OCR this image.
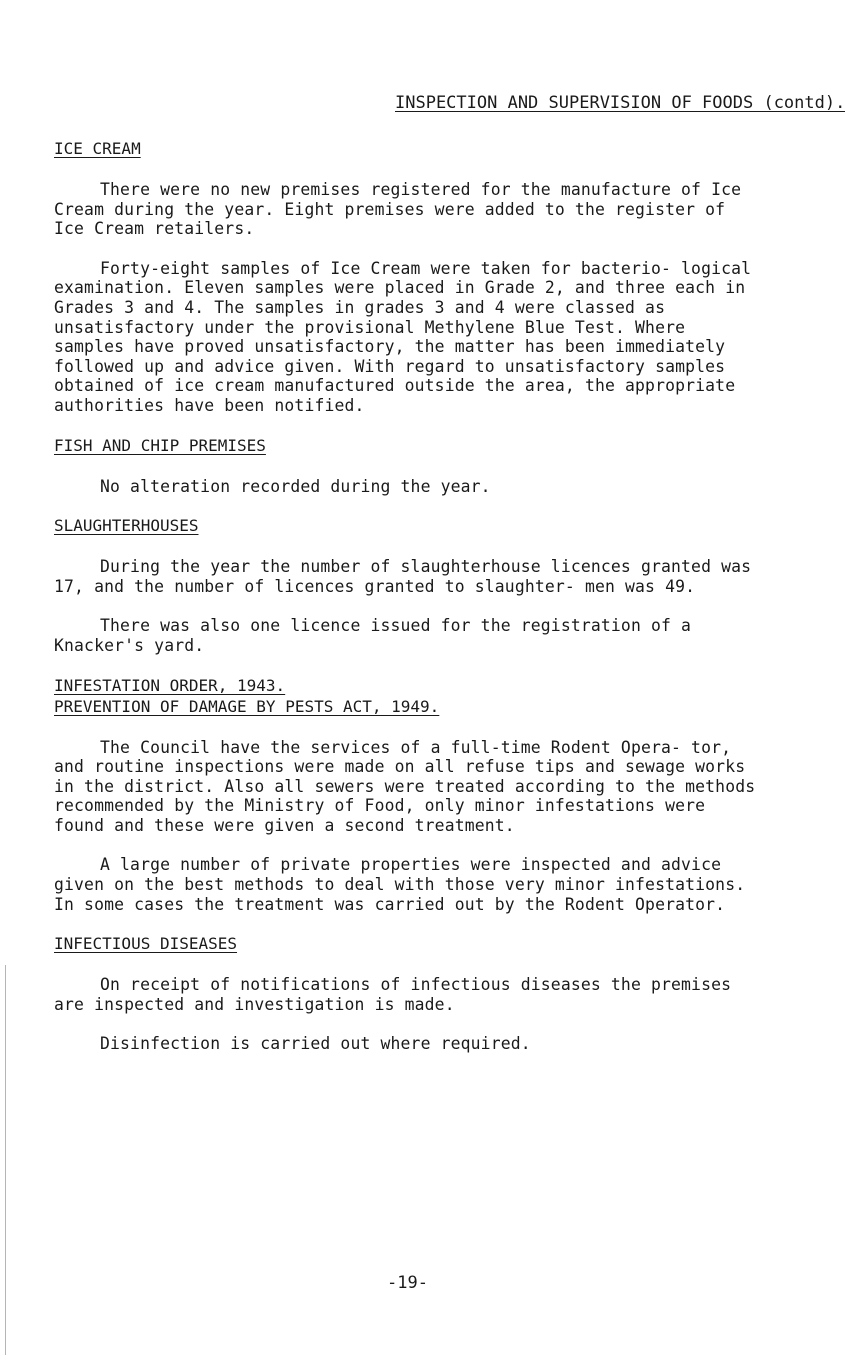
INSPECTION AND SUPERVISION OF FOODS (contd).
ICE CREAM

There were no new premises registered for the manufacture of Ice Cream during the year. Eight premises were added to the register of Ice Cream retailers.

Forty-eight samples of Ice Cream were taken for bacterio- logical examination. Eleven samples were placed in Grade 2, and three each in Grades 3 and 4. The samples in grades 3 and 4 were classed as unsatisfactory under the provisional Methylene Blue Test. Where samples have proved unsatisfactory, the matter has been immediately followed up and advice given. With regard to unsatisfactory samples obtained of ice cream manufactured outside the area, the appropriate authorities have been notified.

FISH AND CHIP PREMISES

No alteration recorded during the year.

SLAUGHTERHOUSES

During the year the number of slaughterhouse licences granted was 17, and the number of licences granted to slaughter- men was 49.

There was also one licence issued for the registration of a Knacker's yard.

INFESTATION ORDER, 1943.
PREVENTION OF DAMAGE BY PESTS ACT, 1949.

The Council have the services of a full-time Rodent Opera- tor, and routine inspections were made on all refuse tips and sewage works in the district. Also all sewers were treated according to the methods recommended by the Ministry of Food, only minor infestations were found and these were given a second treatment.

A large number of private properties were inspected and advice given on the best methods to deal with those very minor infestations. In some cases the treatment was carried out by the Rodent Operator.

INFECTIOUS DISEASES

On receipt of notifications of infectious diseases the premises are inspected and investigation is made.

Disinfection is carried out where required.

-19-
